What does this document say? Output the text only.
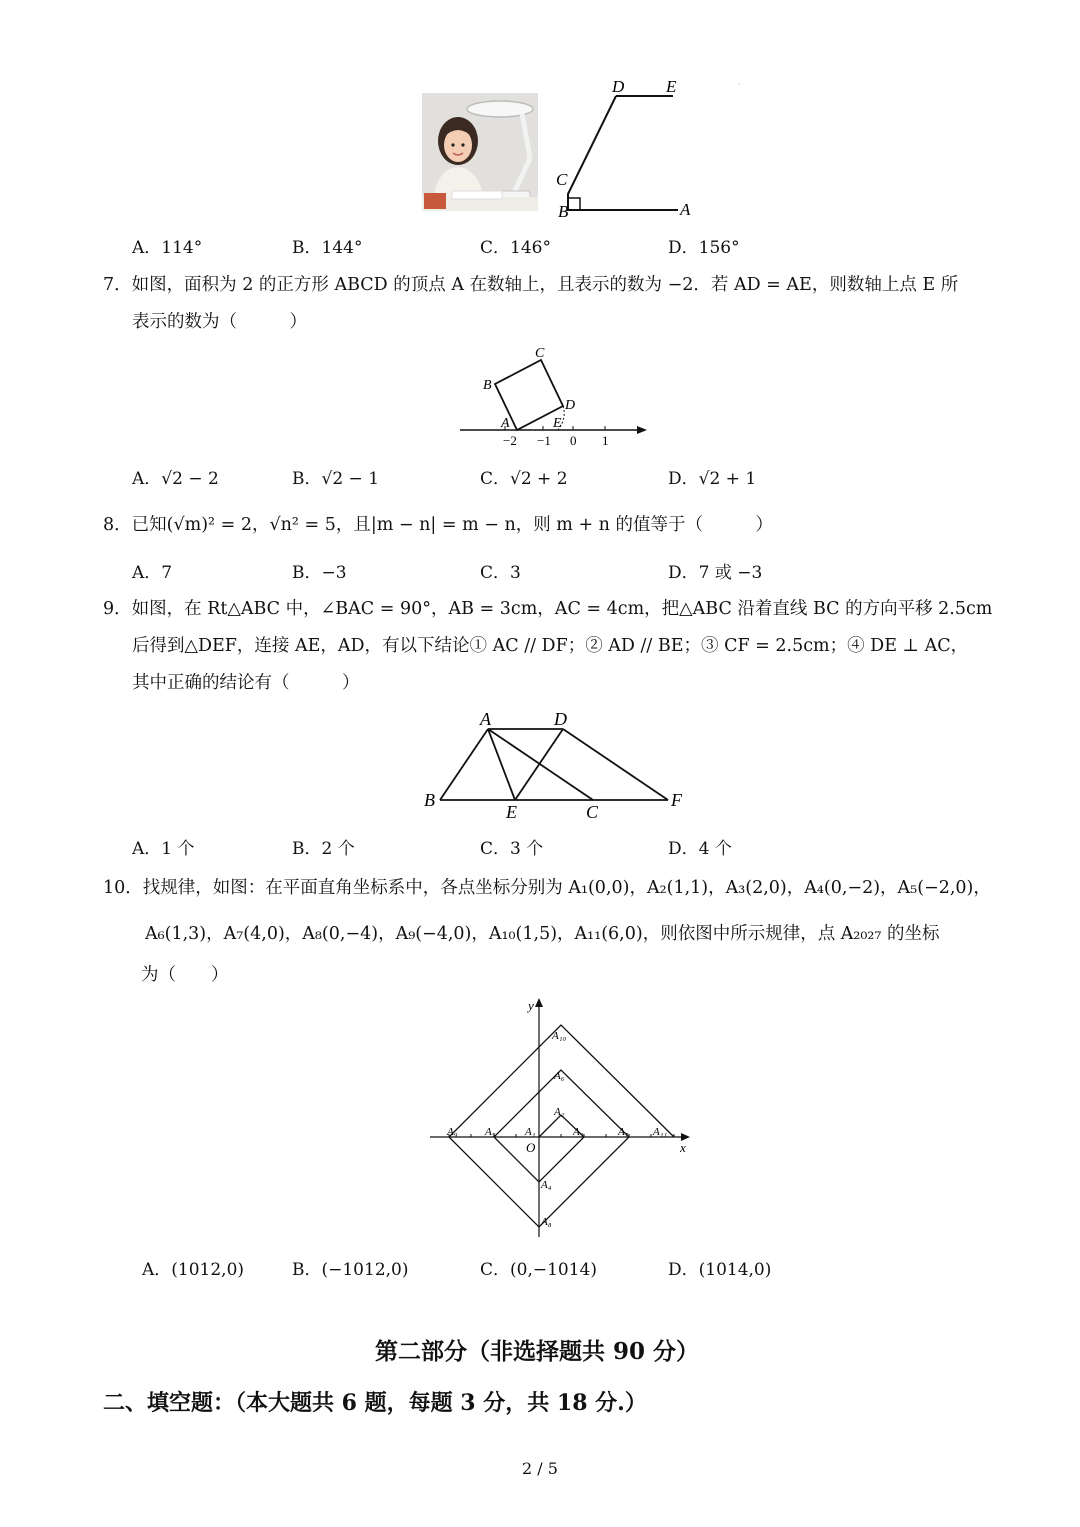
D E
C
B	A
·
A．114°	B．144°	C．146°	D．156°
7．如图，面积为 2 的正方形 ABCD 的顶点 A 在数轴上，且表示的数为 −2．若 AD = AE，则数轴上点 E 所
表示的数为（　　　）
C
B
D
A	E
−2 −1 0 1
A．√2 − 2	B．√2 − 1	C．√2 + 2	D．√2 + 1
8．已知(√m)² = 2，√n² = 5，且|m − n| = m − n，则 m + n 的值等于（　　　）
A．7	B．−3	C．3	D．7 或 −3
9．如图，在 Rt△ABC 中，∠BAC = 90°，AB = 3cm，AC = 4cm，把△ABC 沿着直线 BC 的方向平移 2.5cm
后得到△DEF，连接 AE，AD，有以下结论① AC // DF；② AD // BE；③ CF = 2.5cm；④ DE ⊥ AC，
其中正确的结论有（　　　）
A	D
B
E	C
F
A．1 个	B．2 个	C．3 个	D．4 个
10．找规律，如图：在平面直角坐标系中，各点坐标分别为 A₁(0,0)，A₂(1,1)，A₃(2,0)，A₄(0,−2)，A₅(−2,0)，
A₆(1,3)，A₇(4,0)，A₈(0,−4)，A₉(−4,0)，A₁₀(1,5)，A₁₁(6,0)，则依图中所示规律，点 A₂₀₂₇ 的坐标
为（　　）
y
x
O
A₁
A₂
A₃
A₄
A₅
A₆
A₇
A₈
A₉
A₁₀
A₁₁
A．(1012,0)	B．(−1012,0)	C．(0,−1014)	D．(1014,0)
第二部分（非选择题共 90 分）
二、填空题：（本大题共 6 题，每题 3 分，共 18 分.）
2 / 5
